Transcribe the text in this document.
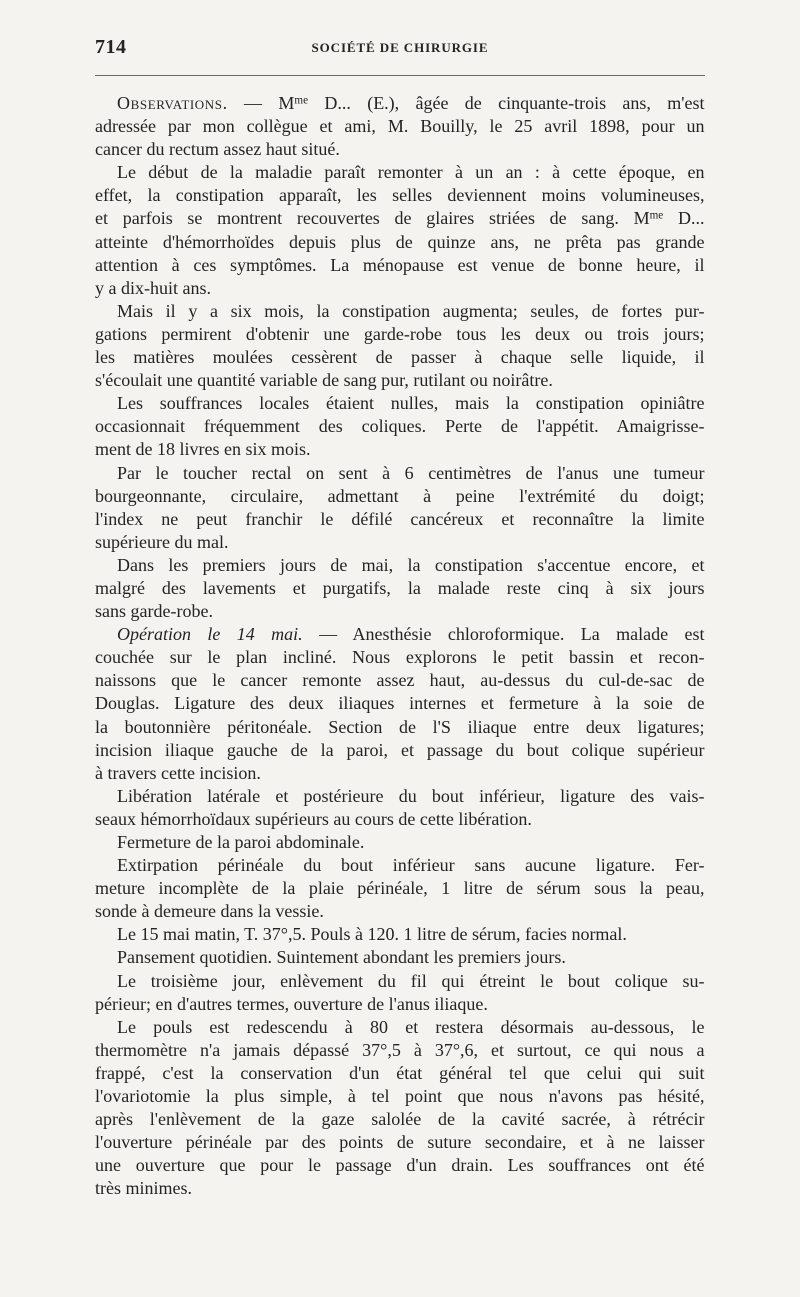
714	SOCIÉTÉ DE CHIRURGIE
Observations. — $M^{me}$ D... (E.), âgée de cinquante-trois ans, m'est
adressée par mon collègue et ami, M. Bouilly, le 25 avril 1898, pour un
cancer du rectum assez haut situé.
Le début de la maladie paraît remonter à un an : à cette époque, en
effet, la constipation apparaît, les selles deviennent moins volumineuses,
et parfois se montrent recouvertes de glaires striées de sang. $M^{me}$ D...
atteinte d'hémorrhoïdes depuis plus de quinze ans, ne prêta pas grande
attention à ces symptômes. La ménopause est venue de bonne heure, il
y a dix-huit ans.
Mais il y a six mois, la constipation augmenta; seules, de fortes pur-
gations permirent d'obtenir une garde-robe tous les deux ou trois jours;
les matières moulées cessèrent de passer à chaque selle liquide, il
s'écoulait une quantité variable de sang pur, rutilant ou noirâtre.
Les souffrances locales étaient nulles, mais la constipation opiniâtre
occasionnait fréquemment des coliques. Perte de l'appétit. Amaigrisse-
ment de 18 livres en six mois.
Par le toucher rectal on sent à 6 centimètres de l'anus une tumeur
bourgeonnante, circulaire, admettant à peine l'extrémité du doigt;
l'index ne peut franchir le défilé cancéreux et reconnaître la limite
supérieure du mal.
Dans les premiers jours de mai, la constipation s'accentue encore, et
malgré des lavements et purgatifs, la malade reste cinq à six jours
sans garde-robe.
Opération le 14 mai. — Anesthésie chloroformique. La malade est
couchée sur le plan incliné. Nous explorons le petit bassin et recon-
naissons que le cancer remonte assez haut, au-dessus du cul-de-sac de
Douglas. Ligature des deux iliaques internes et fermeture à la soie de
la boutonnière péritonéale. Section de l'S iliaque entre deux ligatures;
incision iliaque gauche de la paroi, et passage du bout colique supérieur
à travers cette incision.
Libération latérale et postérieure du bout inférieur, ligature des vais-
seaux hémorrhoïdaux supérieurs au cours de cette libération.
Fermeture de la paroi abdominale.
Extirpation périnéale du bout inférieur sans aucune ligature. Fer-
meture incomplète de la plaie périnéale, 1 litre de sérum sous la peau,
sonde à demeure dans la vessie.
Le 15 mai matin, T. 37°,5. Pouls à 120. 1 litre de sérum, facies normal.
Pansement quotidien. Suintement abondant les premiers jours.
Le troisième jour, enlèvement du fil qui étreint le bout colique su-
périeur; en d'autres termes, ouverture de l'anus iliaque.
Le pouls est redescendu à 80 et restera désormais au-dessous, le
thermomètre n'a jamais dépassé 37°,5 à 37°,6, et surtout, ce qui nous a
frappé, c'est la conservation d'un état général tel que celui qui suit
l'ovariotomie la plus simple, à tel point que nous n'avons pas hésité,
après l'enlèvement de la gaze salolée de la cavité sacrée, à rétrécir
l'ouverture périnéale par des points de suture secondaire, et à ne laisser
une ouverture que pour le passage d'un drain. Les souffrances ont été
très minimes.
